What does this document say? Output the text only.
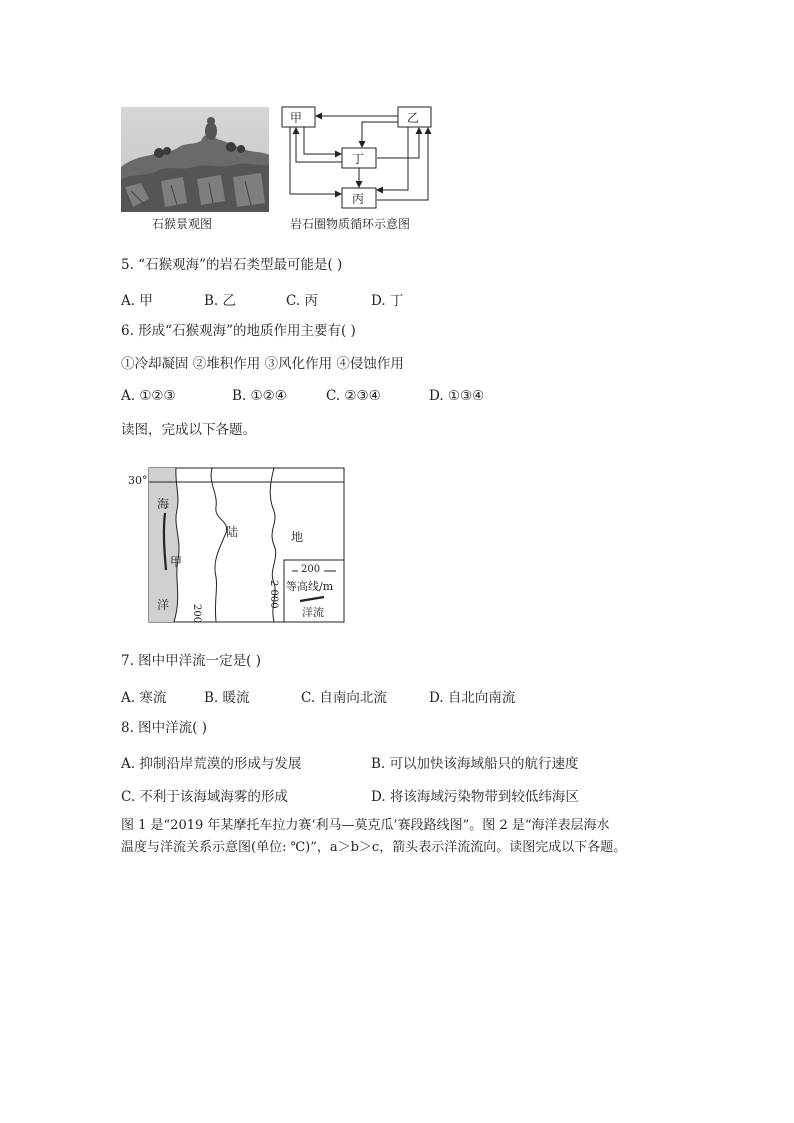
石猴景观图
甲	乙
丁
丙
岩石圈物质循环示意图
5. “石猴观海”的岩石类型最可能是( )
A. 甲	B. 乙	C. 丙	D. 丁
6. 形成“石猴观海”的地质作用主要有( )
①冷却凝固 ②堆积作用 ③风化作用 ④侵蚀作用
A. ①②③	B. ①②④	C. ②③④	D. ①③④
读图，完成以下各题。
30°
海
洋
甲
陆	地
200
2 000
200
等高线/m
洋流
7. 图中甲洋流一定是( )
A. 寒流	B. 暖流	C. 自南向北流	D. 自北向南流
8. 图中洋流( )
A. 抑制沿岸荒漠的形成与发展	B. 可以加快该海域船只的航行速度
C. 不利于该海域海雾的形成	D. 将该海域污染物带到较低纬海区
图 1 是“2019 年某摩托车拉力赛‘利马—莫克瓜’赛段路线图”。图 2 是“海洋表层海水
温度与洋流关系示意图(单位: ℃)”，a＞b＞c，箭头表示洋流流向。读图完成以下各题。
